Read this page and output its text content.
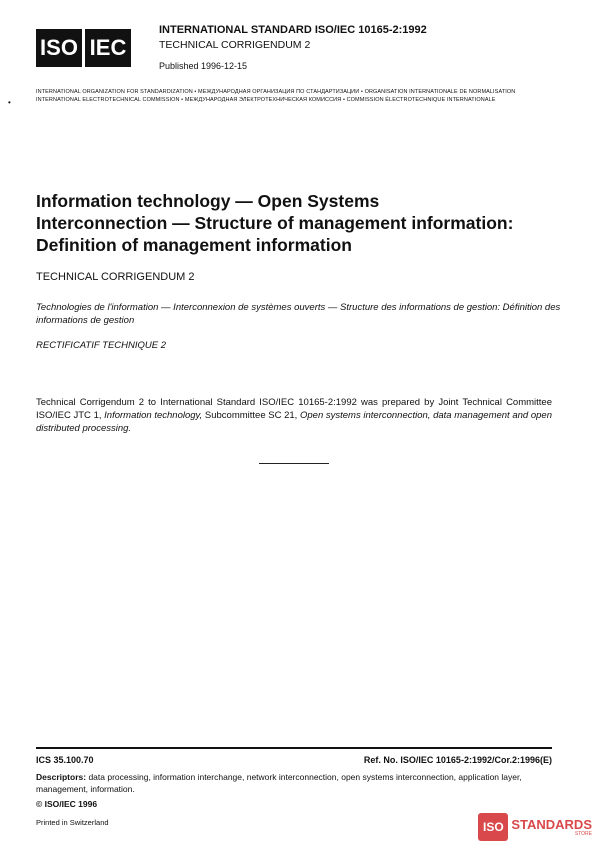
ISO IEC
INTERNATIONAL STANDARD ISO/IEC 10165-2:1992
TECHNICAL CORRIGENDUM 2
Published 1996-12-15
INTERNATIONAL ORGANIZATION FOR STANDARDIZATION • МЕЖДУНАРОДНАЯ ОРГАНИЗАЦИЯ ПО СТАНДАРТИЗАЦИИ • ORGANISATION INTERNATIONALE DE NORMALISATION
INTERNATIONAL ELECTROTECHNICAL COMMISSION • МЕЖДУНАРОДНАЯ ЭЛЕКТРОТЕХНИЧЕСКАЯ КОМИССИЯ • COMMISSION ÉLECTROTECHNIQUE INTERNATIONALE
•
Information technology — Open Systems
Interconnection — Structure of management information:
Definition of management information
TECHNICAL CORRIGENDUM 2
Technologies de l'information — Interconnexion de systèmes ouverts — Structure des informations de gestion: Définition des informations de gestion
RECTIFICATIF TECHNIQUE 2
Technical Corrigendum 2 to International Standard ISO/IEC 10165-2:1992 was prepared by Joint Technical Committee ISO/IEC JTC 1, Information technology, Subcommittee SC 21, Open systems interconnection, data management and open distributed processing.
ICS 35.100.70	Ref. No. ISO/IEC 10165-2:1992/Cor.2:1996(E)
Descriptors: data processing, information interchange, network interconnection, open systems interconnection, application layer, management, information.
© ISO/IEC 1996
Printed in Switzerland	ISO STANDARDS
STORE
